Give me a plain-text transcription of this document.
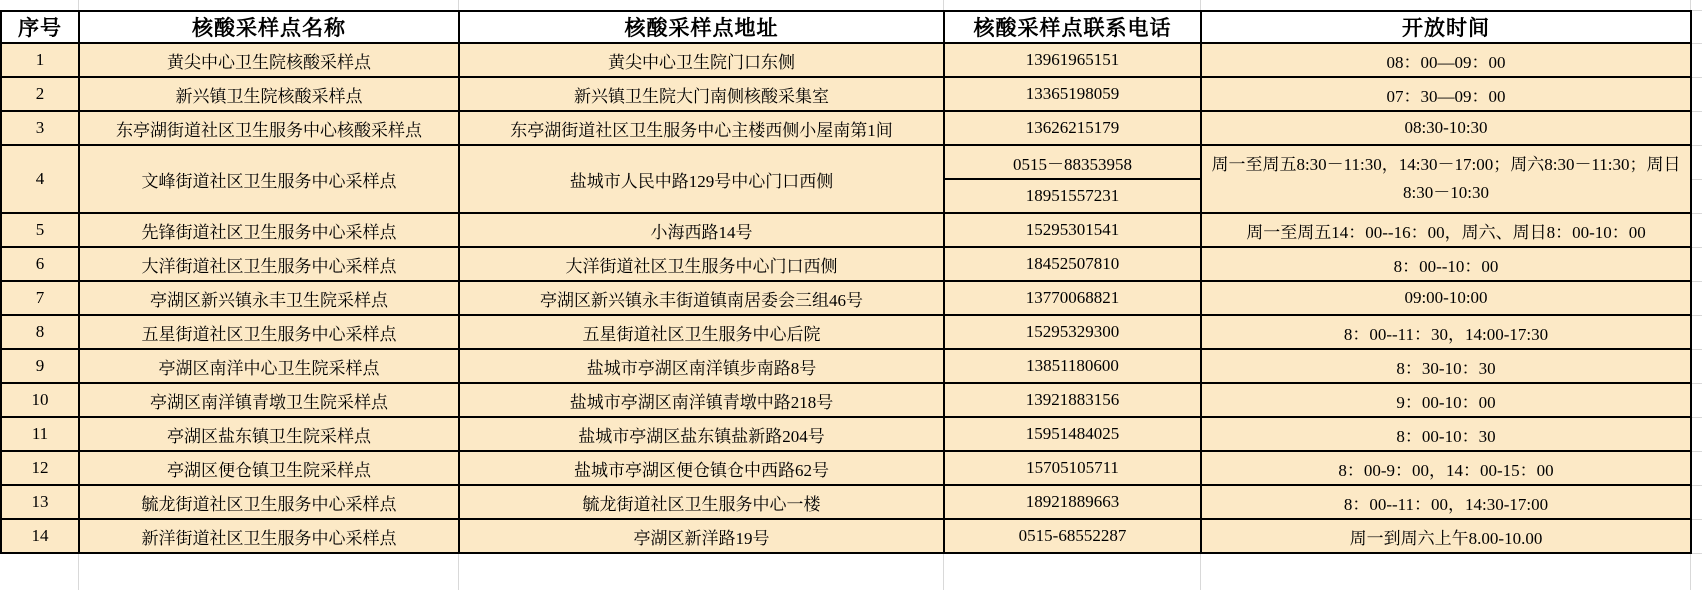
序号	核酸采样点名称	核酸采样点地址	核酸采样点联系电话	开放时间
1	黄尖中心卫生院核酸采样点	黄尖中心卫生院门口东侧	13961965151	08：00—09：00
2	新兴镇卫生院核酸采样点	新兴镇卫生院大门南侧核酸采集室	13365198059	07：30—09：00
3	东亭湖街道社区卫生服务中心核酸采样点	东亭湖街道社区卫生服务中心主楼西侧小屋南第1间	13626215179	08:30-10:30
4	文峰街道社区卫生服务中心采样点	盐城市人民中路129号中心门口西侧	0515－88353958	周一至周五8:30－11:30，14:30－17:00；周六8:30－11:30；周日8:30－10:30
			18951557231	
5	先锋街道社区卫生服务中心采样点	小海西路14号	15295301541	周一至周五14：00--16：00，周六、周日8：00-10：00
6	大洋街道社区卫生服务中心采样点	大洋街道社区卫生服务中心门口西侧	18452507810	8：00--10：00
7	亭湖区新兴镇永丰卫生院采样点	亭湖区新兴镇永丰街道镇南居委会三组46号	13770068821	09:00-10:00
8	五星街道社区卫生服务中心采样点	五星街道社区卫生服务中心后院	15295329300	8：00--11：30，14:00-17:30
9	亭湖区南洋中心卫生院采样点	盐城市亭湖区南洋镇步南路8号	13851180600	8：30-10：30
10	亭湖区南洋镇青墩卫生院采样点	盐城市亭湖区南洋镇青墩中路218号	13921883156	9：00-10：00
11	亭湖区盐东镇卫生院采样点	盐城市亭湖区盐东镇盐新路204号	15951484025	8：00-10：30
12	亭湖区便仓镇卫生院采样点	盐城市亭湖区便仓镇仓中西路62号	15705105711	8：00-9：00，14：00-15：00
13	毓龙街道社区卫生服务中心采样点	毓龙街道社区卫生服务中心一楼	18921889663	8：00--11：00，14:30-17:00
14	新洋街道社区卫生服务中心采样点	亭湖区新洋路19号	0515-68552287	周一到周六上午8.00-10.00
